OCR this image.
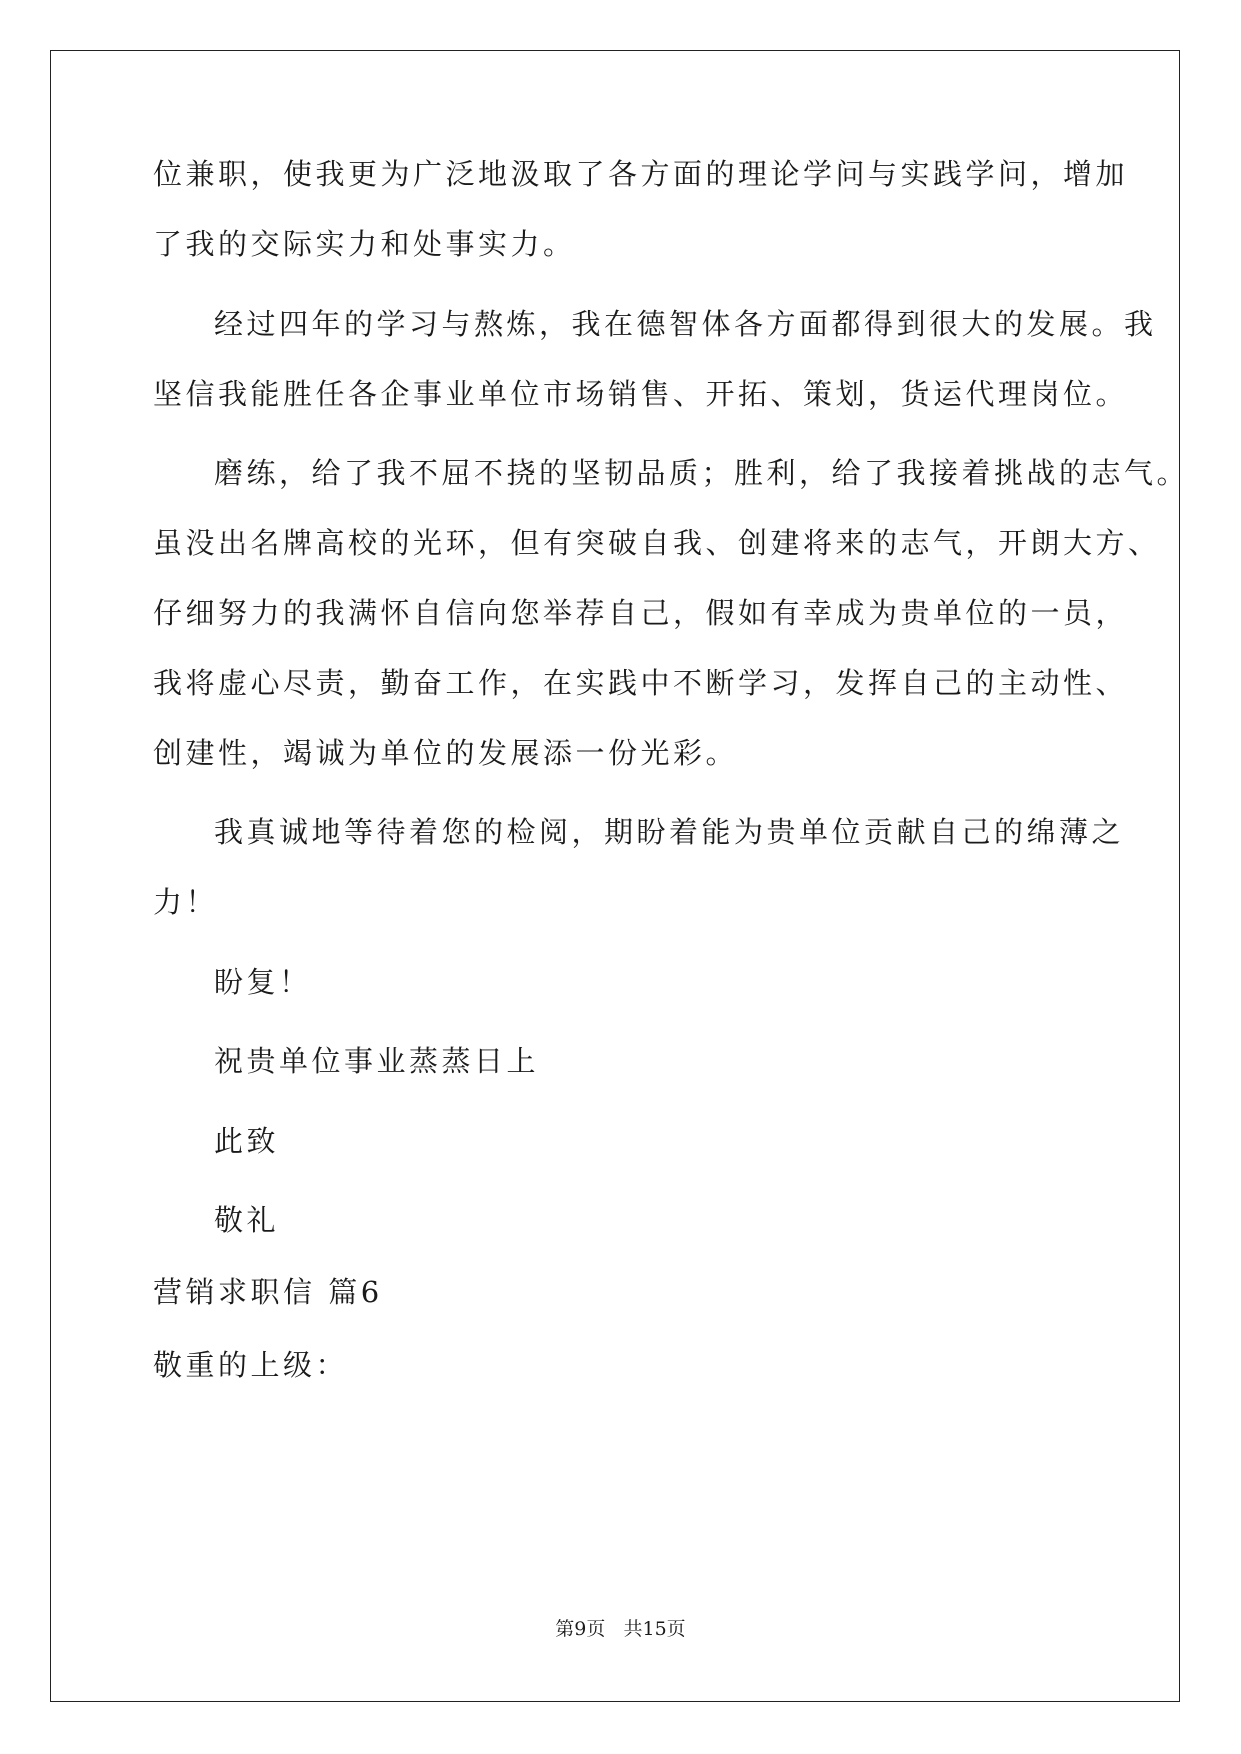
位兼职，使我更为广泛地汲取了各方面的理论学问与实践学问，增加
了我的交际实力和处事实力。
经过四年的学习与熬炼，我在德智体各方面都得到很大的发展。我
坚信我能胜任各企事业单位市场销售、开拓、策划，货运代理岗位。
磨练，给了我不屈不挠的坚韧品质；胜利，给了我接着挑战的志气。
虽没出名牌高校的光环，但有突破自我、创建将来的志气，开朗大方、
仔细努力的我满怀自信向您举荐自己，假如有幸成为贵单位的一员，
我将虚心尽责，勤奋工作，在实践中不断学习，发挥自己的主动性、
创建性，竭诚为单位的发展添一份光彩。
我真诚地等待着您的检阅，期盼着能为贵单位贡献自己的绵薄之
力！
盼复！
祝贵单位事业蒸蒸日上
此致
敬礼
营销求职信 篇6
敬重的上级：
第9页   共15页
